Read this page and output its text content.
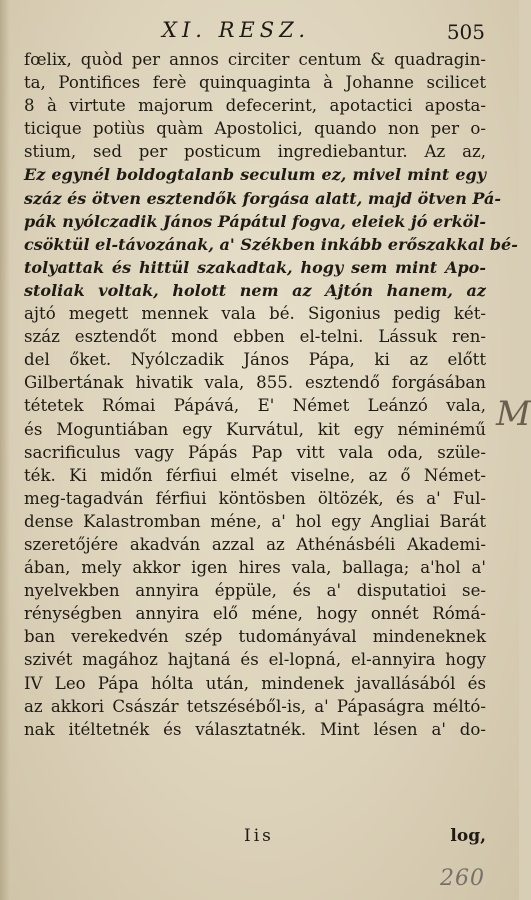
XI. RESZ.	505
fœlix, quòd per annos circiter centum & quadragin-
ta, Pontifices ferè quinquaginta à Johanne scilicet
8 à virtute majorum defecerint, apotactici aposta-
ticique potiùs quàm Apostolici, quando non per o-
stium, sed per posticum ingrediebantur. Az az,
Ez egynél boldogtalanb seculum ez, mivel mint egy
száz és ötven esztendők forgása alatt, majd ötven Pá-
pák nyólczadik János Pápátul fogva, eleiek jó erköl-
csöktül el-távozának, a' Székben inkább erőszakkal bé-
tolyattak és hittül szakadtak, hogy sem mint Apo-
stoliak voltak, holott nem az Ajtón hanem, az
ajtó megett mennek vala bé. Sigonius pedig két-
száz esztendőt mond ebben el-telni. Lássuk ren-
del őket. Nyólczadik János Pápa, ki az előtt
Gilbertának hivatik vala, 855. esztendő forgásában
tétetek Római Pápává, E' Német Leánzó vala,
és Moguntiában egy Kurvátul, kit egy néminémű
sacrificulus vagy Pápás Pap vitt vala oda, szüle-
ték. Ki midőn férfiui elmét viselne, az ő Német-
meg-tagadván férfiui köntösben öltözék, és a' Ful-
dense Kalastromban méne, a' hol egy Angliai Barát
szeretőjére akadván azzal az Athénásbéli Akademi-
ában, mely akkor igen hires vala, ballaga; a'hol a'
nyelvekben annyira éppüle, és a' disputatioi se-
rénységben annyira elő méne, hogy onnét Rómá-
ban verekedvén szép tudományával mindeneknek
szivét magához hajtaná és el-lopná, el-annyira hogy
IV Leo Pápa hólta után, mindenek javallásából és
az akkori Császár tetszéséből-is, a' Pápaságra méltó-
nak itéltetnék és választatnék. Mint lésen a' do-
Iis	log,
M
260
